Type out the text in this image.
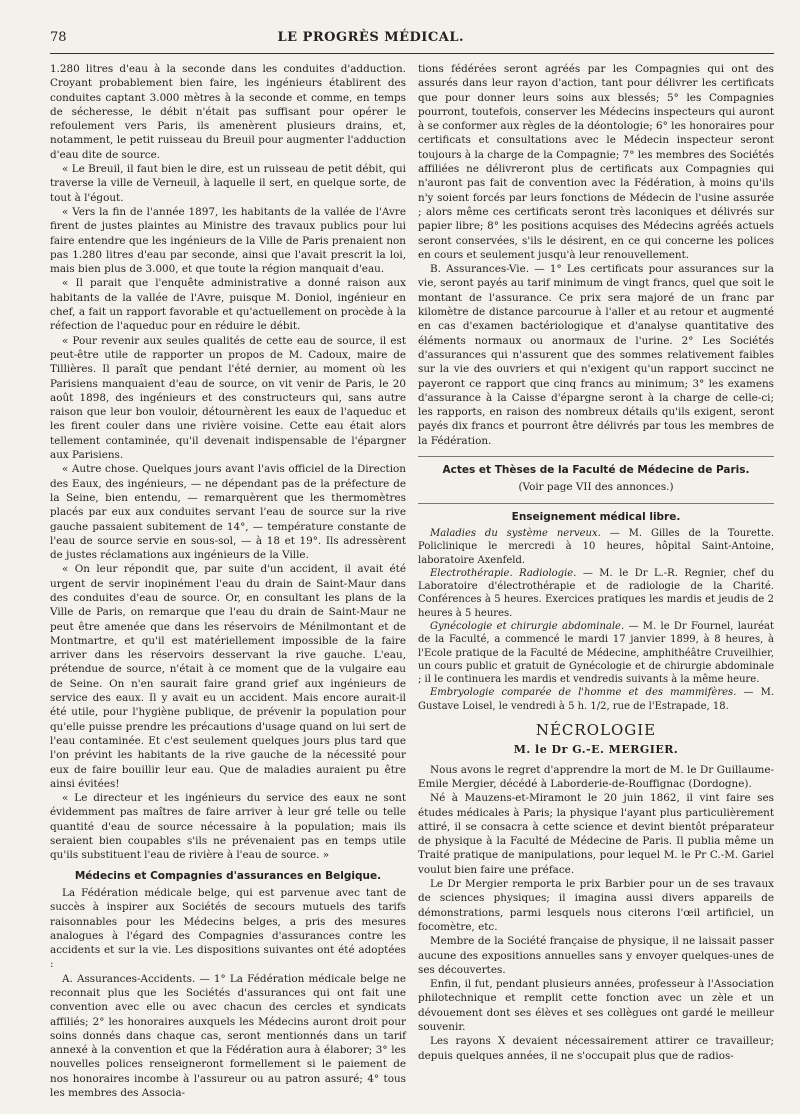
78	LE PROGRÈS MÉDICAL.

1.280 litres d'eau à la seconde dans les conduites d'adduction. Croyant probablement bien faire, les ingénieurs établirent des conduites captant 3.000 mètres à la seconde et comme, en temps de sécheresse, le débit n'était pas suffisant pour opérer le refoulement vers Paris, ils amenèrent plusieurs drains, et, notamment, le petit ruisseau du Breuil pour augmenter l'adduction d'eau dite de source.

« Le Breuil, il faut bien le dire, est un ruisseau de petit débit, qui traverse la ville de Verneuil, à laquelle il sert, en quelque sorte, de tout à l'égout.

« Vers la fin de l'année 1897, les habitants de la vallée de l'Avre firent de justes plaintes au Ministre des travaux publics pour lui faire entendre que les ingénieurs de la Ville de Paris prenaient non pas 1.280 litres d'eau par seconde, ainsi que l'avait prescrit la loi, mais bien plus de 3.000, et que toute la région manquait d'eau.

« Il parait que l'enquête administrative a donné raison aux habitants de la vallée de l'Avre, puisque M. Doniol, ingénieur en chef, a fait un rapport favorable et qu'actuellement on procède à la réfection de l'aqueduc pour en réduire le débit.

« Pour revenir aux seules qualités de cette eau de source, il est peut-être utile de rapporter un propos de M. Cadoux, maire de Tillières. Il paraît que pendant l'été dernier, au moment où les Parisiens manquaient d'eau de source, on vit venir de Paris, le 20 août 1898, des ingénieurs et des constructeurs qui, sans autre raison que leur bon vouloir, détournèrent les eaux de l'aqueduc et les firent couler dans une rivière voisine. Cette eau était alors tellement contaminée, qu'il devenait indispensable de l'épargner aux Parisiens.

« Autre chose. Quelques jours avant l'avis officiel de la Direction des Eaux, des ingénieurs, — ne dépendant pas de la préfecture de la Seine, bien entendu, — remarquèrent que les thermomètres placés par eux aux conduites servant l'eau de source sur la rive gauche passaient subitement de 14°, — température constante de l'eau de source servie en sous-sol, — à 18 et 19°. Ils adressèrent de justes réclamations aux ingénieurs de la Ville.

« On leur répondit que, par suite d'un accident, il avait été urgent de servir inopinément l'eau du drain de Saint-Maur dans des conduites d'eau de source. Or, en consultant les plans de la Ville de Paris, on remarque que l'eau du drain de Saint-Maur ne peut être amenée que dans les réservoirs de Ménilmontant et de Montmartre, et qu'il est matériellement impossible de la faire arriver dans les réservoirs desservant la rive gauche. L'eau, prétendue de source, n'était à ce moment que de la vulgaire eau de Seine. On n'en saurait faire grand grief aux ingénieurs de service des eaux. Il y avait eu un accident. Mais encore aurait-il été utile, pour l'hygiène publique, de prévenir la population pour qu'elle puisse prendre les précautions d'usage quand on lui sert de l'eau contaminée. Et c'est seulement quelques jours plus tard que l'on prévint les habitants de la rive gauche de la nécessité pour eux de faire bouillir leur eau. Que de maladies auraient pu être ainsi évitées!

« Le directeur et les ingénieurs du service des eaux ne sont évidemment pas maîtres de faire arriver à leur gré telle ou telle quantité d'eau de source nécessaire à la population; mais ils seraient bien coupables s'ils ne prévenaient pas en temps utile qu'ils substituent l'eau de rivière à l'eau de source. »

Médecins et Compagnies d'assurances en Belgique.

La Fédération médicale belge, qui est parvenue avec tant de succès à inspirer aux Sociétés de secours mutuels des tarifs raisonnables pour les Médecins belges, a pris des mesures analogues à l'égard des Compagnies d'assurances contre les accidents et sur la vie. Les dispositions suivantes ont été adoptées :

A. Assurances-Accidents. — 1° La Fédération médicale belge ne reconnait plus que les Sociétés d'assurances qui ont fait une convention avec elle ou avec chacun des cercles et syndicats affiliés; 2° les honoraires auxquels les Médecins auront droit pour soins donnés dans chaque cas, seront mentionnés dans un tarif annexé à la convention et que la Fédération aura à élaborer; 3° les nouvelles polices renseigneront formellement si le paiement de nos honoraires incombe à l'assureur ou au patron assuré; 4° tous les membres des Associa-

tions fédérées seront agréés par les Compagnies qui ont des assurés dans leur rayon d'action, tant pour délivrer les certificats que pour donner leurs soins aux blessés; 5° les Compagnies pourront, toutefois, conserver les Médecins inspecteurs qui auront à se conformer aux règles de la déontologie; 6° les honoraires pour certificats et consultations avec le Médecin inspecteur seront toujours à la charge de la Compagnie; 7° les membres des Sociétés affiliées ne délivreront plus de certificats aux Compagnies qui n'auront pas fait de convention avec la Fédération, à moins qu'ils n'y soient forcés par leurs fonctions de Médecin de l'usine assurée ; alors même ces certificats seront très laconiques et délivrés sur papier libre; 8° les positions acquises des Médecins agréés actuels seront conservées, s'ils le désirent, en ce qui concerne les polices en cours et seulement jusqu'à leur renouvellement.

B. Assurances-Vie. — 1° Les certificats pour assurances sur la vie, seront payés au tarif minimum de vingt francs, quel que soit le montant de l'assurance. Ce prix sera majoré de un franc par kilomètre de distance parcourue à l'aller et au retour et augmenté en cas d'examen bactériologique et d'analyse quantitative des éléments normaux ou anormaux de l'urine. 2° Les Sociétés d'assurances qui n'assurent que des sommes relativement faibles sur la vie des ouvriers et qui n'exigent qu'un rapport succinct ne payeront ce rapport que cinq francs au minimum; 3° les examens d'assurance à la Caisse d'épargne seront à la charge de celle-ci; les rapports, en raison des nombreux détails qu'ils exigent, seront payés dix francs et pourront être délivrés par tous les membres de la Fédération.

Actes et Thèses de la Faculté de Médecine de Paris.
(Voir page VII des annonces.)
Enseignement médical libre.

Maladies du système nerveux. — M. Gilles de la Tourette. Policlinique le mercredi à 10 heures, hôpital Saint-Antoine, laboratoire Axenfeld.

Electrothérapie. Radiologie. — M. le Dr L.-R. Regnier, chef du Laboratoire d'électrothérapie et de radiologie de la Charité. Conférences à 5 heures. Exercices pratiques les mardis et jeudis de 2 heures à 5 heures.

Gynécologie et chirurgie abdominale. — M. le Dr Fournel, lauréat de la Faculté, a commencé le mardi 17 janvier 1899, à 8 heures, à l'Ecole pratique de la Faculté de Médecine, amphithéâtre Cruveilhier, un cours public et gratuit de Gynécologie et de chirurgie abdominale ; il le continuera les mardis et vendredis suivants à la même heure.

Embryologie comparée de l'homme et des mammifères. — M. Gustave Loisel, le vendredi à 5 h. 1/2, rue de l'Estrapade, 18.

NÉCROLOGIE
M. le Dr G.-E. MERGIER.

Nous avons le regret d'apprendre la mort de M. le Dr Guillaume-Emile Mergier, décédé à Laborderie-de-Rouffignac (Dordogne).

Né à Mauzens-et-Miramont le 20 juin 1862, il vint faire ses études médicales à Paris; la physique l'ayant plus particulièrement attiré, il se consacra à cette science et devint bientôt préparateur de physique à la Faculté de Médecine de Paris. Il publia même un Traité pratique de manipulations, pour lequel M. le Pr C.-M. Gariel voulut bien faire une préface.

Le Dr Mergier remporta le prix Barbier pour un de ses travaux de sciences physiques; il imagina aussi divers appareils de démonstrations, parmi lesquels nous citerons l'œil artificiel, un focomètre, etc.

Membre de la Société française de physique, il ne laissait passer aucune des expositions annuelles sans y envoyer quelques-unes de ses découvertes.

Enfin, il fut, pendant plusieurs années, professeur à l'Association philotechnique et remplit cette fonction avec un zèle et un dévouement dont ses élèves et ses collègues ont gardé le meilleur souvenir.

Les rayons X devaient nécessairement attirer ce travailleur; depuis quelques années, il ne s'occupait plus que de radios-
